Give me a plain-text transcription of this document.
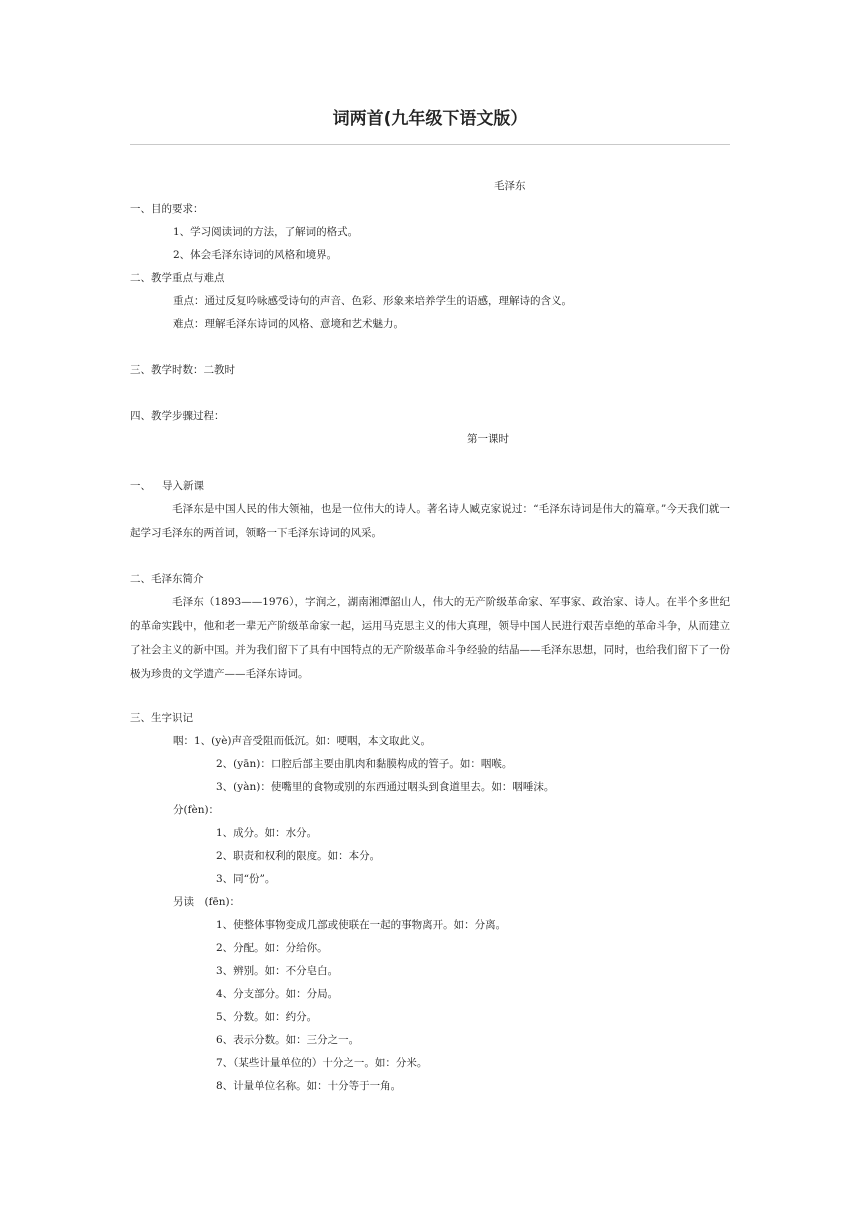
词两首(九年级下语文版）
毛泽东
一、目的要求：
1、学习阅读词的方法，了解词的格式。
2、体会毛泽东诗词的风格和境界。
二、教学重点与难点
重点：通过反复吟咏感受诗句的声音、色彩、形象来培养学生的语感，理解诗的含义。
难点：理解毛泽东诗词的风格、意境和艺术魅力。
三、教学时数：二教时
四、教学步骤过程：
第一课时
一、 导入新课

毛泽东是中国人民的伟大领袖，也是一位伟大的诗人。著名诗人臧克家说过：“毛泽东诗词是伟大的篇章。”今天我们就一起学习毛泽东的两首词，领略一下毛泽东诗词的风采。

二、毛泽东简介

毛泽东（1893——1976），字润之，湖南湘潭韶山人，伟大的无产阶级革命家、军事家、政治家、诗人。在半个多世纪的革命实践中，他和老一辈无产阶级革命家一起，运用马克思主义的伟大真理，领导中国人民进行艰苦卓绝的革命斗争，从而建立了社会主义的新中国。并为我们留下了具有中国特点的无产阶级革命斗争经验的结晶——毛泽东思想，同时，也给我们留下了一份极为珍贵的文学遗产——毛泽东诗词。

三、生字识记
咽：1、(yè)声音受阻而低沉。如：哽咽，本文取此义。
2、(yān)：口腔后部主要由肌肉和黏膜构成的管子。如：咽喉。
3、(yàn)：使嘴里的食物或别的东西通过咽头到食道里去。如：咽唾沫。
分(fèn)：
1、成分。如：水分。
2、职责和权利的限度。如：本分。
3、同“份”。
另读　(fēn)：
1、使整体事物变成几部或使联在一起的事物离开。如：分离。
2、分配。如：分给你。
3、辨别。如：不分皂白。
4、分支部分。如：分局。
5、分数。如：约分。
6、表示分数。如：三分之一。
7、（某些计量单位的）十分之一。如：分米。
8、计量单位名称。如：十分等于一角。
